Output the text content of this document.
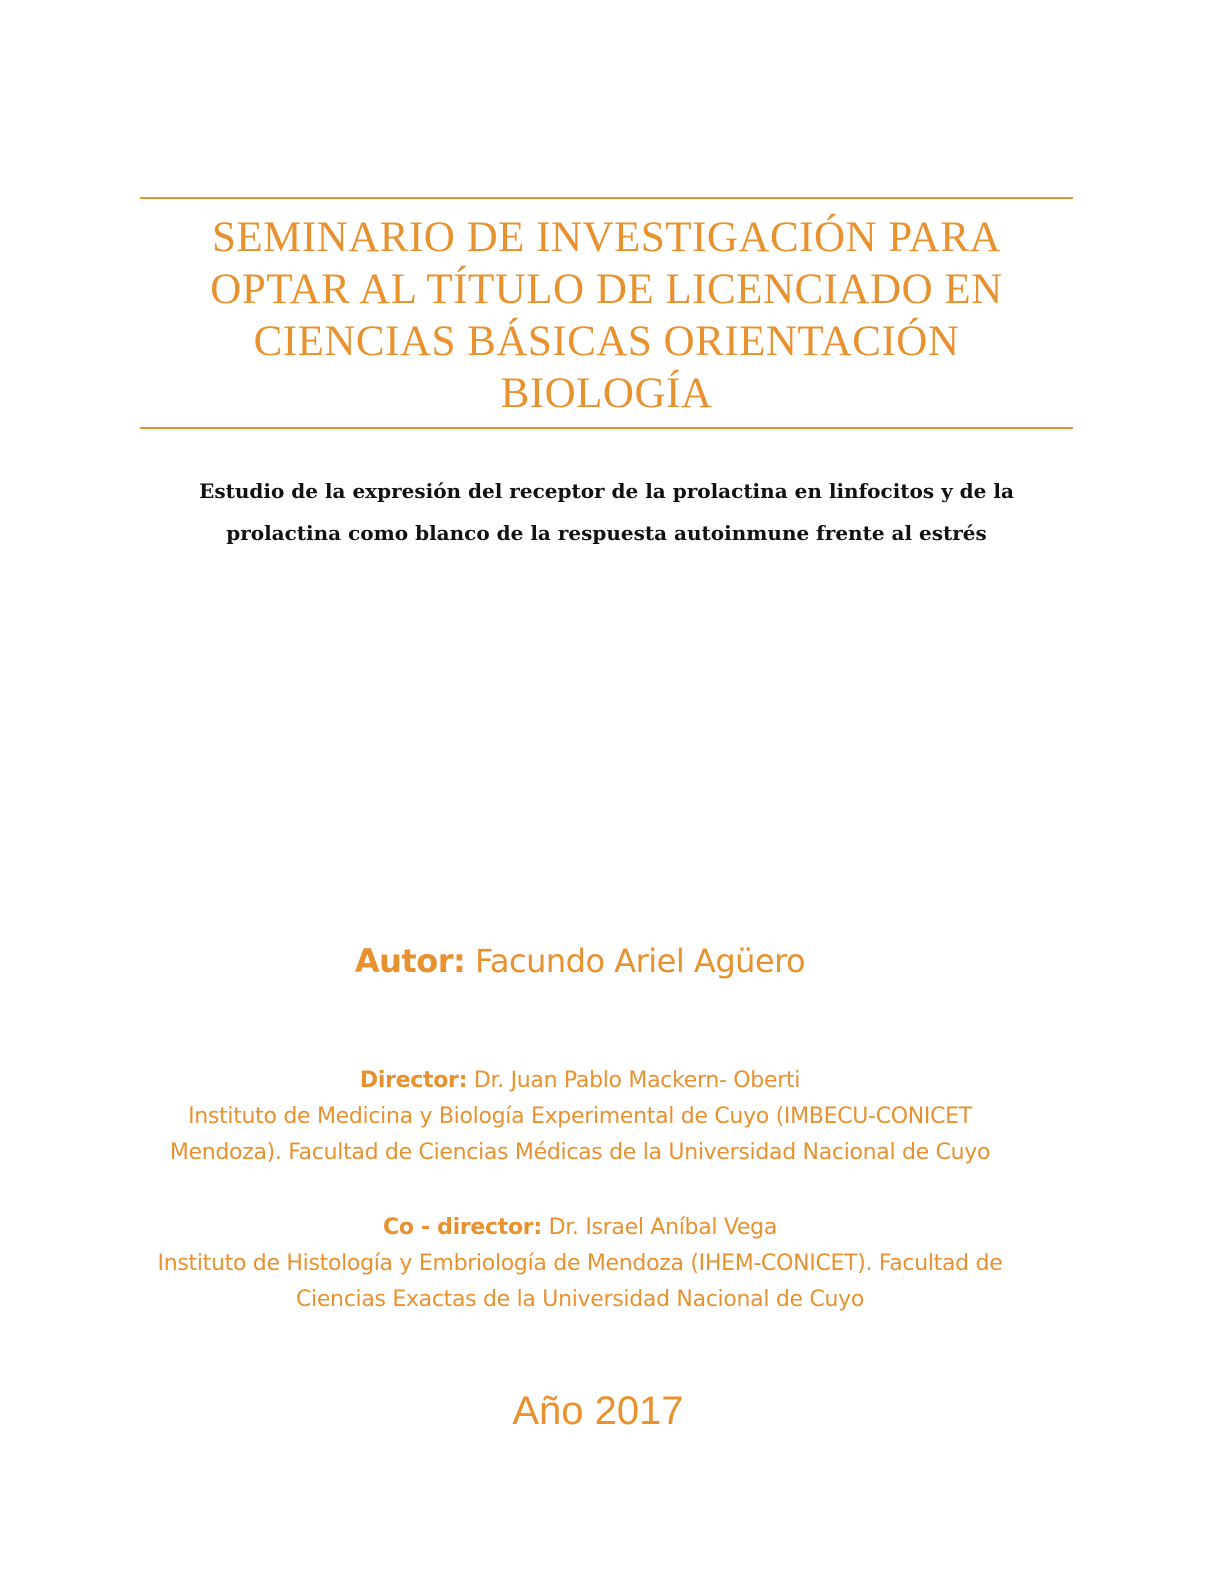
SEMINARIO DE INVESTIGACIÓN PARA
OPTAR AL TÍTULO DE LICENCIADO EN
CIENCIAS BÁSICAS ORIENTACIÓN
BIOLOGÍA
Estudio de la expresión del receptor de la prolactina en linfocitos y de la
prolactina como blanco de la respuesta autoinmune frente al estrés
Autor: Facundo Ariel Agüero
Director: Dr. Juan Pablo Mackern- Oberti
Instituto de Medicina y Biología Experimental de Cuyo (IMBECU-CONICET
Mendoza). Facultad de Ciencias Médicas de la Universidad Nacional de Cuyo
Co - director: Dr. Israel Aníbal Vega
Instituto de Histología y Embriología de Mendoza (IHEM-CONICET). Facultad de
Ciencias Exactas de la Universidad Nacional de Cuyo
Año 2017
